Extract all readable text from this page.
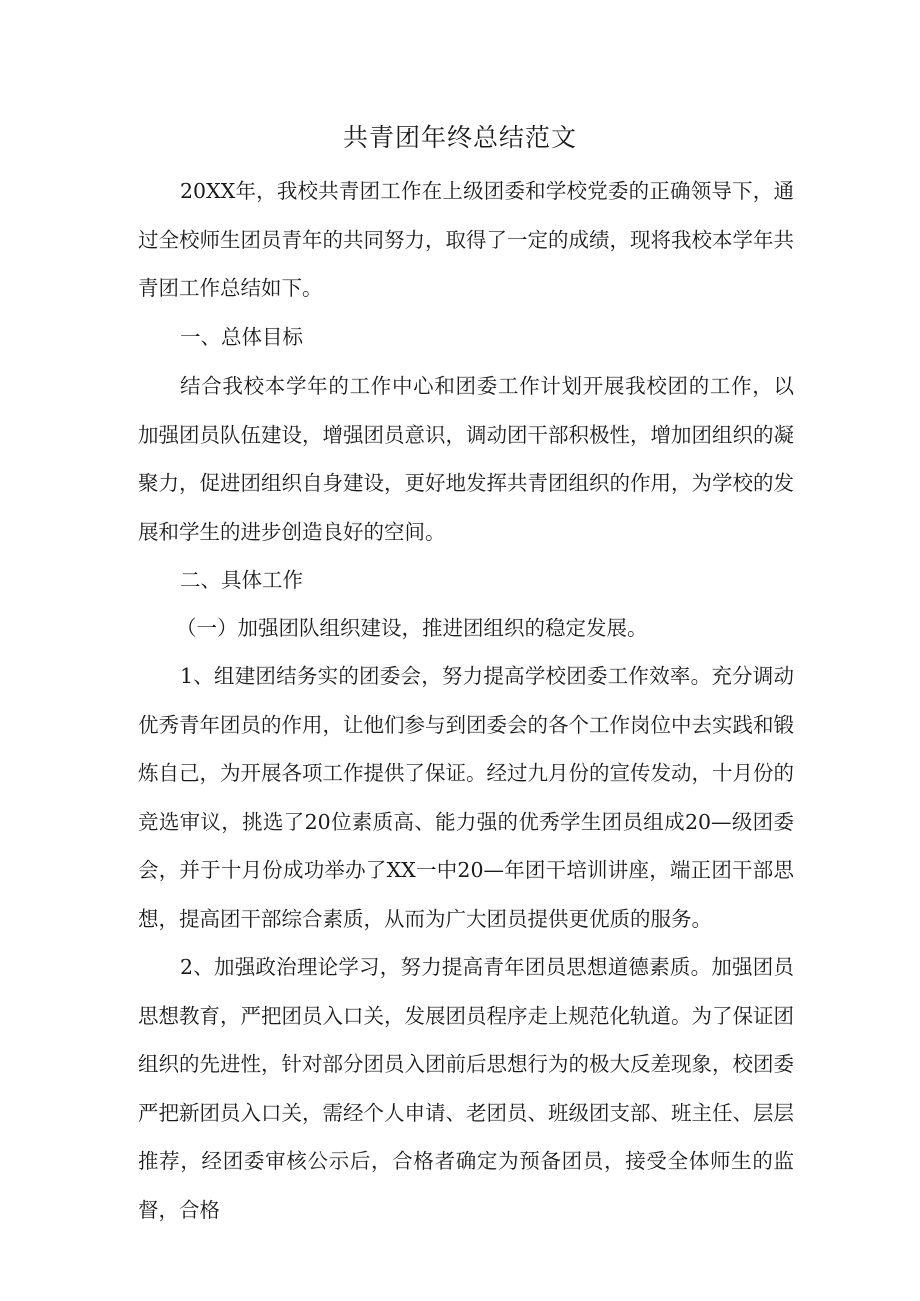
共青团年终总结范文

20XX年，我校共青团工作在上级团委和学校党委的正确领导下，通过全校师生团员青年的共同努力，取得了一定的成绩，现将我校本学年共青团工作总结如下。

一、总体目标

结合我校本学年的工作中心和团委工作计划开展我校团的工作，以加强团员队伍建设，增强团员意识，调动团干部积极性，增加团组织的凝聚力，促进团组织自身建设，更好地发挥共青团组织的作用，为学校的发展和学生的进步创造良好的空间。

二、具体工作

（一）加强团队组织建设，推进团组织的稳定发展。

1、组建团结务实的团委会，努力提高学校团委工作效率。充分调动优秀青年团员的作用，让他们参与到团委会的各个工作岗位中去实践和锻炼自己，为开展各项工作提供了保证。经过九月份的宣传发动，十月份的竞选审议，挑选了20位素质高、能力强的优秀学生团员组成20—级团委会，并于十月份成功举办了XX一中20—年团干培训讲座，端正团干部思想，提高团干部综合素质，从而为广大团员提供更优质的服务。

2、加强政治理论学习，努力提高青年团员思想道德素质。加强团员思想教育，严把团员入口关，发展团员程序走上规范化轨道。为了保证团组织的先进性，针对部分团员入团前后思想行为的极大反差现象，校团委严把新团员入口关，需经个人申请、老团员、班级团支部、班主任、层层推荐，经团委审核公示后，合格者确定为预备团员，接受全体师生的监督，合格
